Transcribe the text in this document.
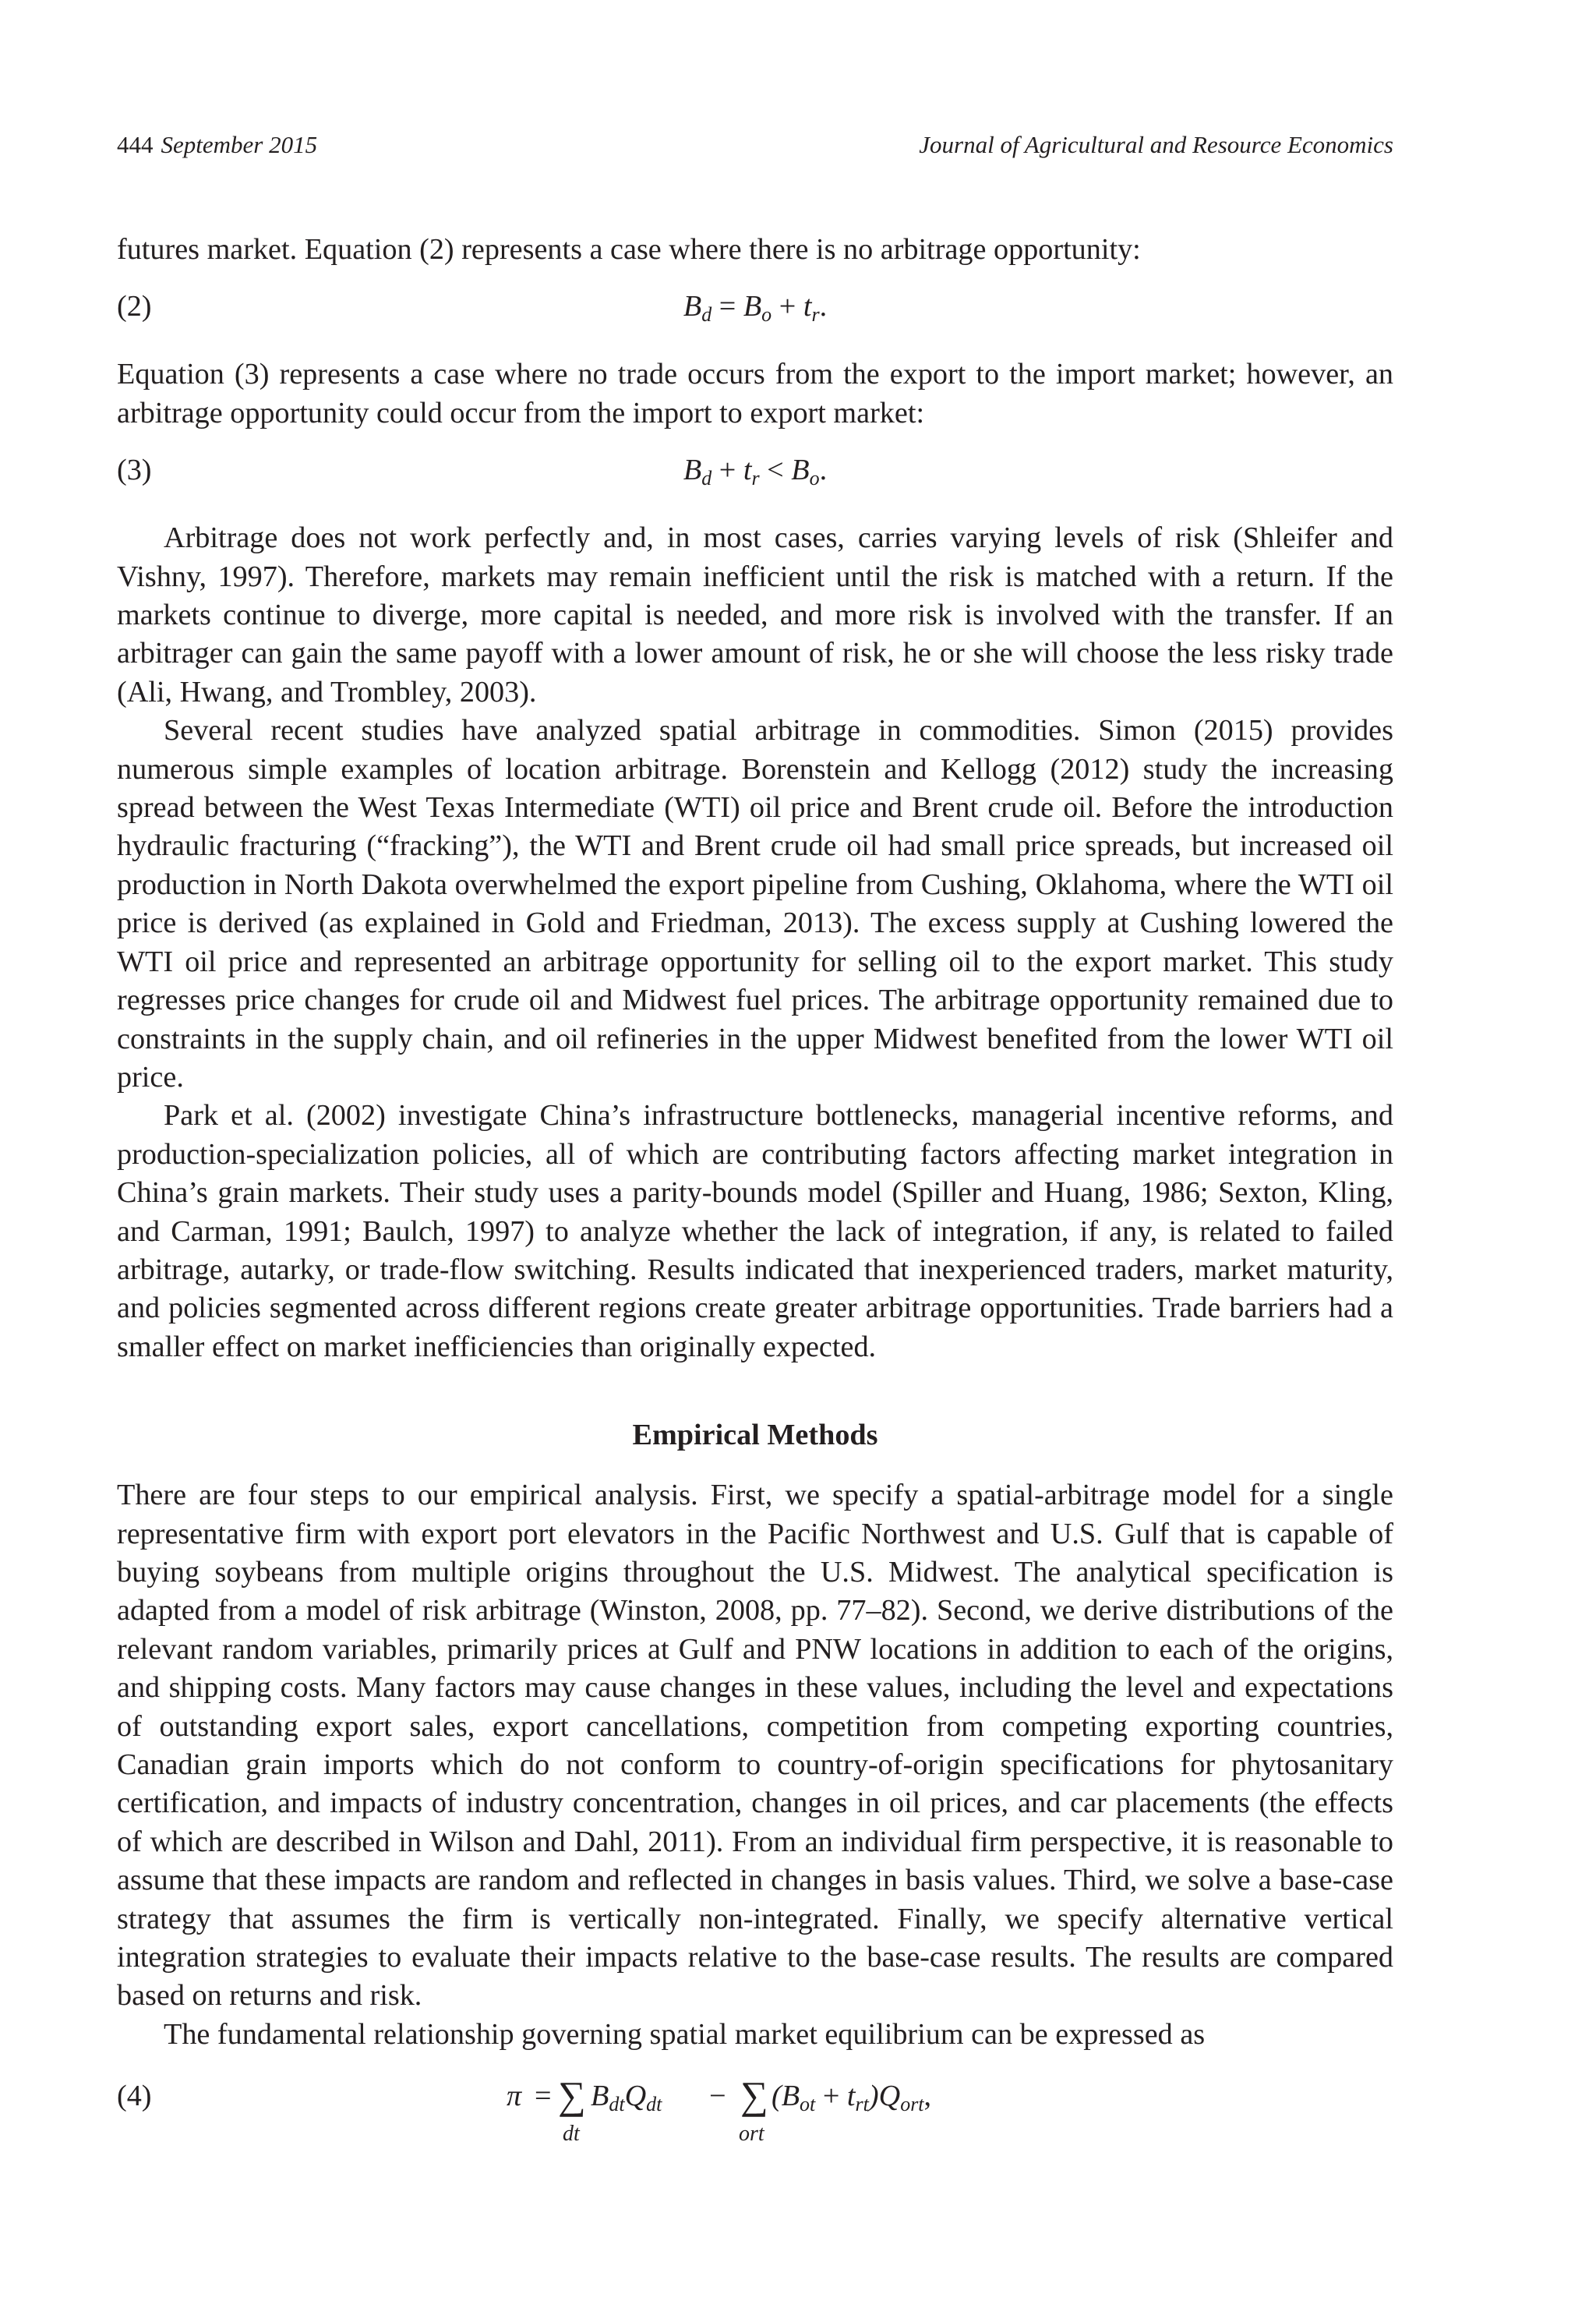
444 September 2015	Journal of Agricultural and Resource Economics

futures market. Equation (2) represents a case where there is no arbitrage opportunity:

(2)	$B_d = B_o + t_r$.

Equation (3) represents a case where no trade occurs from the export to the import market; however, an arbitrage opportunity could occur from the import to export market:

(3)	$B_d + t_r < B_o$.

Arbitrage does not work perfectly and, in most cases, carries varying levels of risk (Shleifer and Vishny, 1997). Therefore, markets may remain inefficient until the risk is matched with a return. If the markets continue to diverge, more capital is needed, and more risk is involved with the transfer. If an arbitrager can gain the same payoff with a lower amount of risk, he or she will choose the less risky trade (Ali, Hwang, and Trombley, 2003).

Several recent studies have analyzed spatial arbitrage in commodities. Simon (2015) provides numerous simple examples of location arbitrage. Borenstein and Kellogg (2012) study the increasing spread between the West Texas Intermediate (WTI) oil price and Brent crude oil. Before the introduction hydraulic fracturing (“fracking”), the WTI and Brent crude oil had small price spreads, but increased oil production in North Dakota overwhelmed the export pipeline from Cushing, Oklahoma, where the WTI oil price is derived (as explained in Gold and Friedman, 2013). The excess supply at Cushing lowered the WTI oil price and represented an arbitrage opportunity for selling oil to the export market. This study regresses price changes for crude oil and Midwest fuel prices. The arbitrage opportunity remained due to constraints in the supply chain, and oil refineries in the upper Midwest benefited from the lower WTI oil price.

Park et al. (2002) investigate China’s infrastructure bottlenecks, managerial incentive reforms, and production-specialization policies, all of which are contributing factors affecting market integration in China’s grain markets. Their study uses a parity-bounds model (Spiller and Huang, 1986; Sexton, Kling, and Carman, 1991; Baulch, 1997) to analyze whether the lack of integration, if any, is related to failed arbitrage, autarky, or trade-flow switching. Results indicated that inexperienced traders, market maturity, and policies segmented across different regions create greater arbitrage opportunities. Trade barriers had a smaller effect on market inefficiencies than originally expected.

Empirical Methods

There are four steps to our empirical analysis. First, we specify a spatial-arbitrage model for a single representative firm with export port elevators in the Pacific Northwest and U.S. Gulf that is capable of buying soybeans from multiple origins throughout the U.S. Midwest. The analytical specification is adapted from a model of risk arbitrage (Winston, 2008, pp. 77–82). Second, we derive distributions of the relevant random variables, primarily prices at Gulf and PNW locations in addition to each of the origins, and shipping costs. Many factors may cause changes in these values, including the level and expectations of outstanding export sales, export cancellations, competition from competing exporting countries, Canadian grain imports which do not conform to country-of-origin specifications for phytosanitary certification, and impacts of industry concentration, changes in oil prices, and car placements (the effects of which are described in Wilson and Dahl, 2011). From an individual firm perspective, it is reasonable to assume that these impacts are random and reflected in changes in basis values. Third, we solve a base-case strategy that assumes the firm is vertically non-integrated. Finally, we specify alternative vertical integration strategies to evaluate their impacts relative to the base-case results. The results are compared based on returns and risk.

The fundamental relationship governing spatial market equilibrium can be expressed as

(4)	π = ∑
dt
$B_{dt}Q_{dt}$ − ∑
ort
$(B_{ot} + t_{rt})Q_{ort}$,
